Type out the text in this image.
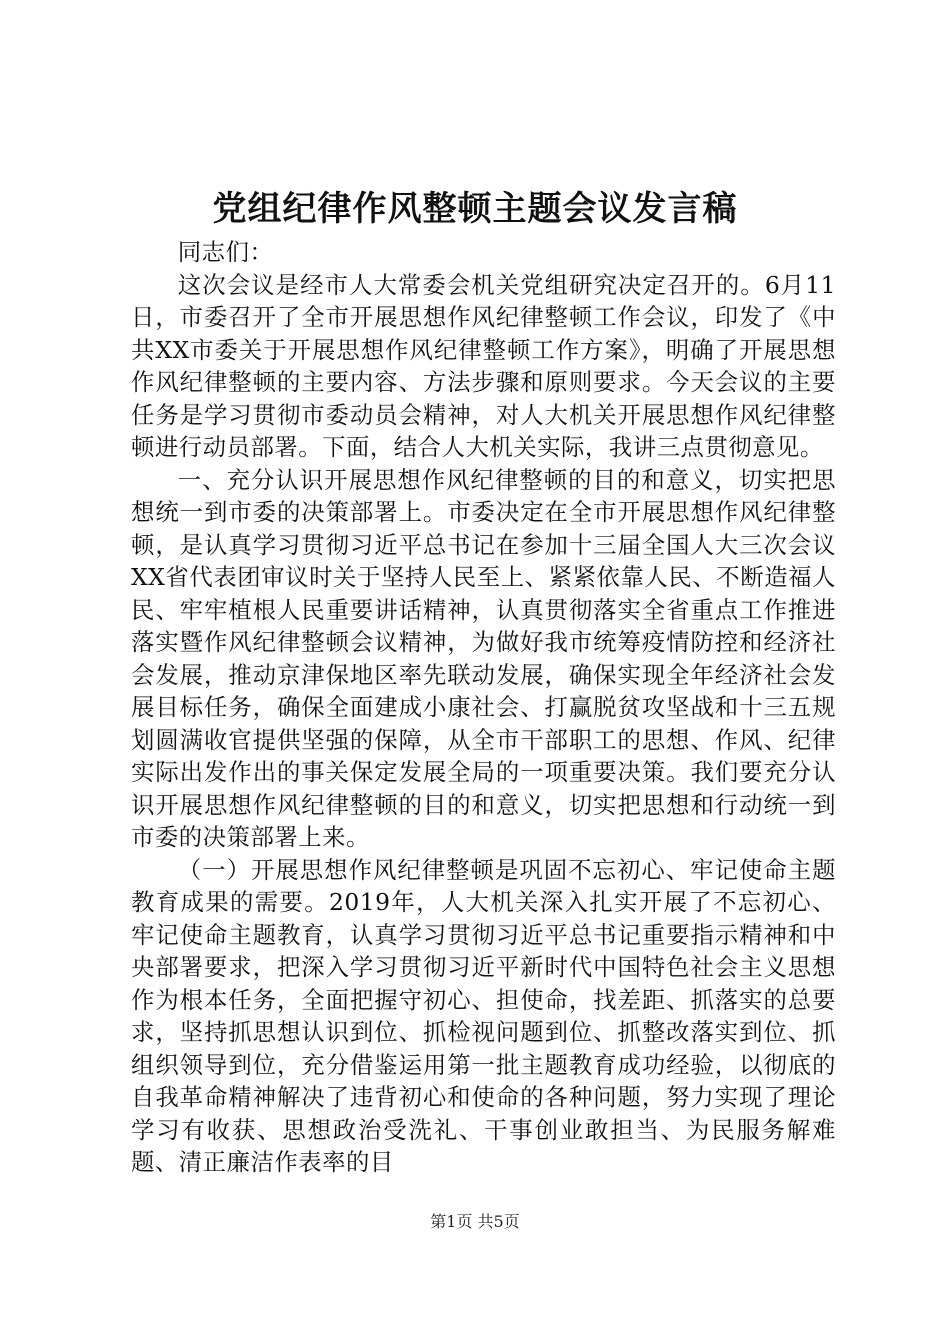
党组纪律作风整顿主题会议发言稿

同志们：

这次会议是经市人大常委会机关党组研究决定召开的。6月11日，市委召开了全市开展思想作风纪律整顿工作会议，印发了《中共XX市委关于开展思想作风纪律整顿工作方案》，明确了开展思想作风纪律整顿的主要内容、方法步骤和原则要求。今天会议的主要任务是学习贯彻市委动员会精神，对人大机关开展思想作风纪律整顿进行动员部署。下面，结合人大机关实际，我讲三点贯彻意见。

一、充分认识开展思想作风纪律整顿的目的和意义，切实把思想统一到市委的决策部署上。市委决定在全市开展思想作风纪律整顿，是认真学习贯彻习近平总书记在参加十三届全国人大三次会议XX省代表团审议时关于坚持人民至上、紧紧依靠人民、不断造福人民、牢牢植根人民重要讲话精神，认真贯彻落实全省重点工作推进落实暨作风纪律整顿会议精神，为做好我市统筹疫情防控和经济社会发展，推动京津保地区率先联动发展，确保实现全年经济社会发展目标任务，确保全面建成小康社会、打赢脱贫攻坚战和十三五规划圆满收官提供坚强的保障，从全市干部职工的思想、作风、纪律实际出发作出的事关保定发展全局的一项重要决策。我们要充分认识开展思想作风纪律整顿的目的和意义，切实把思想和行动统一到市委的决策部署上来。

（一）开展思想作风纪律整顿是巩固不忘初心、牢记使命主题教育成果的需要。2019年，人大机关深入扎实开展了不忘初心、牢记使命主题教育，认真学习贯彻习近平总书记重要指示精神和中央部署要求，把深入学习贯彻习近平新时代中国特色社会主义思想作为根本任务，全面把握守初心、担使命，找差距、抓落实的总要求，坚持抓思想认识到位、抓检视问题到位、抓整改落实到位、抓组织领导到位，充分借鉴运用第一批主题教育成功经验，以彻底的自我革命精神解决了违背初心和使命的各种问题，努力实现了理论学习有收获、思想政治受洗礼、干事创业敢担当、为民服务解难题、清正廉洁作表率的目

第1页 共5页
